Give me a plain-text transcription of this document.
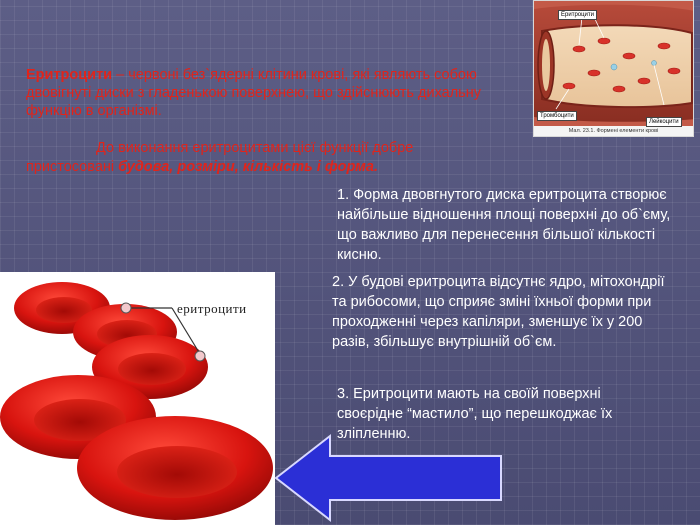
Еритроцити
Тромбоцити
Лейкоцити
Мал. 23.1. Формені елементи крові
Еритроцити – червоні без`ядерні клітини крові, які являють собою двовігнуті диски з гладенькою поверхнею, що здійснюють дихальну функцію в організмі.
До виконання еритроцитами цієї функції добре пристосовані будова, розміри, кількість і форма.
1. Форма двовгнутого диска еритроцита створює найбільше відношення площі поверхні до об`єму, що важливо для перенесення більшої кількості кисню.
2. У будові еритроцита відсутнє ядро, мітохондрії та рибосоми, що сприяє зміні їхньої форми при проходженні через капіляри, зменшує їх у 200 разів, збільшує внутрішній об`єм.
3. Еритроцити мають на своїй поверхні своєрідне “мастило”, що перешкоджає їх зліпленню.
еритроцити
